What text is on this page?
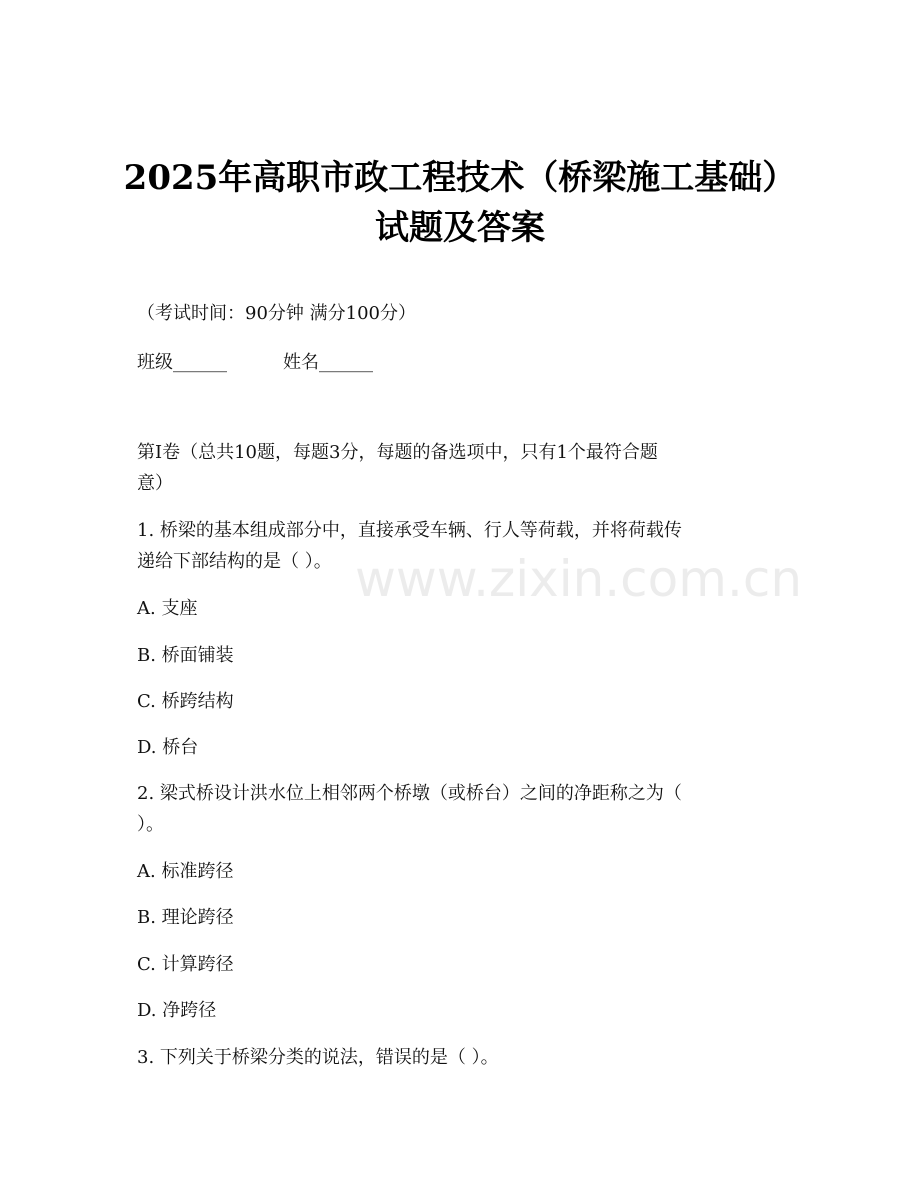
2025年高职市政工程技术（桥梁施工基础）
试题及答案
（考试时间：90分钟 满分100分）
班级______	姓名______
第I卷（总共10题，每题3分，每题的备选项中，只有1个最符合题
意）
1. 桥梁的基本组成部分中，直接承受车辆、行人等荷载，并将荷载传
递给下部结构的是（ ）。
A. 支座
B. 桥面铺装
C. 桥跨结构
D. 桥台
2. 梁式桥设计洪水位上相邻两个桥墩（或桥台）之间的净距称之为（
）。
A. 标准跨径
B. 理论跨径
C. 计算跨径
D. 净跨径
3. 下列关于桥梁分类的说法，错误的是（ ）。
www.zixin.com.cn
